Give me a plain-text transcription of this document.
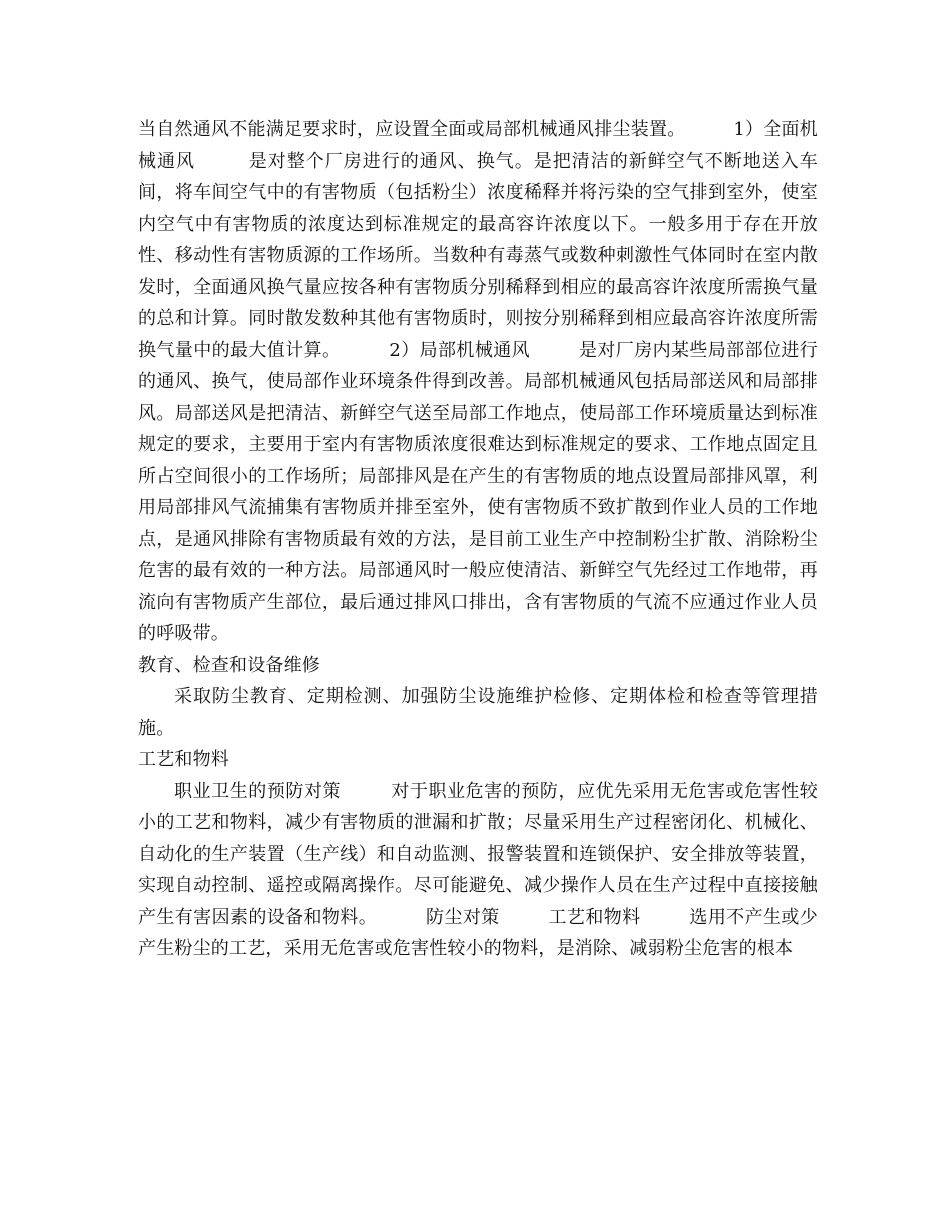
当自然通风不能满足要求时，应设置全面或局部机械通风排尘装置。        1）全面机械通风        是对整个厂房进行的通风、换气。是把清洁的新鲜空气不断地送入车间，将车间空气中的有害物质（包括粉尘）浓度稀释并将污染的空气排到室外，使室内空气中有害物质的浓度达到标准规定的最高容许浓度以下。一般多用于存在开放性、移动性有害物质源的工作场所。当数种有毒蒸气或数种刺激性气体同时在室内散发时，全面通风换气量应按各种有害物质分别稀释到相应的最高容许浓度所需换气量的总和计算。同时散发数种其他有害物质时，则按分别稀释到相应最高容许浓度所需换气量中的最大值计算。        2）局部机械通风        是对厂房内某些局部部位进行的通风、换气，使局部作业环境条件得到改善。局部机械通风包括局部送风和局部排风。局部送风是把清洁、新鲜空气送至局部工作地点，使局部工作环境质量达到标准规定的要求，主要用于室内有害物质浓度很难达到标准规定的要求、工作地点固定且所占空间很小的工作场所；局部排风是在产生的有害物质的地点设置局部排风罩，利用局部排风气流捕集有害物质并排至室外，使有害物质不致扩散到作业人员的工作地点，是通风排除有害物质最有效的方法，是目前工业生产中控制粉尘扩散、消除粉尘危害的最有效的一种方法。局部通风时一般应使清洁、新鲜空气先经过工作地带，再流向有害物质产生部位，最后通过排风口排出，含有害物质的气流不应通过作业人员的呼吸带。

教育、检查和设备维修

采取防尘教育、定期检测、加强防尘设施维护检修、定期体检和检查等管理措施。

工艺和物料

职业卫生的预防对策        对于职业危害的预防，应优先采用无危害或危害性较小的工艺和物料，减少有害物质的泄漏和扩散；尽量采用生产过程密闭化、机械化、自动化的生产装置（生产线）和自动监测、报警装置和连锁保护、安全排放等装置，实现自动控制、遥控或隔离操作。尽可能避免、减少操作人员在生产过程中直接接触产生有害因素的设备和物料。        防尘对策        工艺和物料        选用不产生或少产生粉尘的工艺，采用无危害或危害性较小的物料，是消除、减弱粉尘危害的根本
